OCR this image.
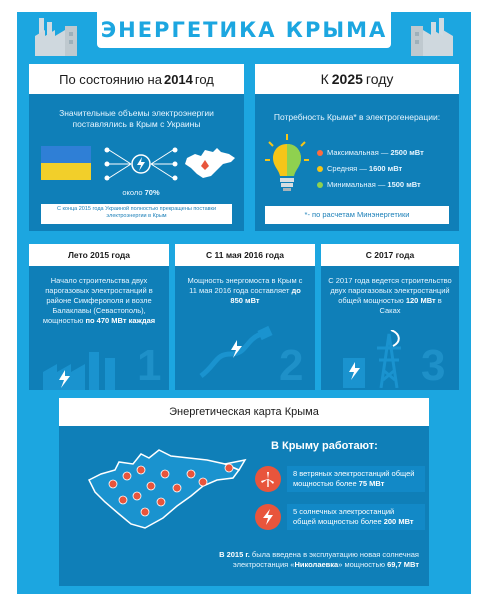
ЭНЕРГЕТИКА КРЫМА
По состоянию на 2014 год
Значительные объемы электроэнергии поставлялись в Крым с Украины
около 70%
С конца 2015 года Украиной полностью прекращены поставки электроэнергии в Крым
К 2025 году
Потребность Крыма* в электрогенерации:
Максимальная — 2500 мВт
Средняя — 1600 мВт
Минимальная — 1500 мВт
*- по расчетам Минэнергетики
Лето 2015 года
Начало строительства двух парогазовых электростанций в районе Симферополя и возле Балаклавы (Севастополь), мощностью по 470 МВт каждая
1
С 11 мая 2016 года
Мощность энергомоста в Крым с 11 мая 2016 года составляет до 850 мВт
2
С 2017 года
С 2017 года ведется строительство двух парогазовых электростанций общей мощностью 120 МВт в Саках
3
Энергетическая карта Крыма
В Крыму работают:
8 ветряных электростанций общей мощностью более 75 МВт
5 солнечных электростанций общей мощностью более 200 МВт
В 2015 г. была введена в эксплуатацию новая солнечная электростанция «Николаевка» мощностью 69,7 МВт
